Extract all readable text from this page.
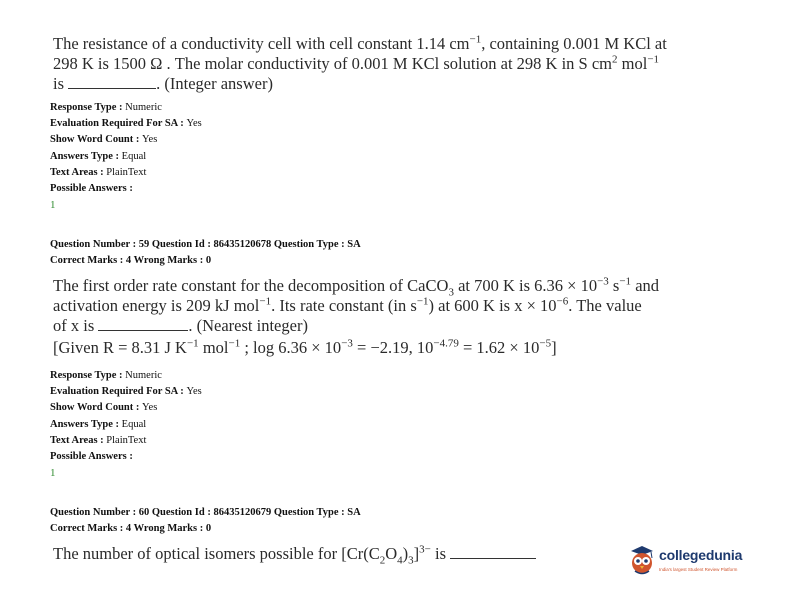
The resistance of a conductivity cell with cell constant 1.14 $cm^{-1}$, containing 0.001 M KCl at
298 K is 1500 Ω . The molar conductivity of 0.001 M KCl solution at 298 K in S $cm^2$ mol$^{-1}$
is	. (Integer answer)
Response Type : Numeric
Evaluation Required For SA : Yes
Show Word Count : Yes
Answers Type : Equal
Text Areas : PlainText
Possible Answers :
1
Question Number : 59 Question Id : 86435120678 Question Type : SA
Correct Marks : 4 Wrong Marks : 0
The first order rate constant for the decomposition of CaCO$_3$ at 700 K is $6.36 \times 10^{-3}$ $s^{-1}$ and
activation energy is 209 kJ mol$^{-1}$. Its rate constant (in $s^{-1}$) at 600 K is $x \times 10^{-6}$. The value
of x is	. (Nearest integer)
[Given R = 8.31 J $K^{-1}$ mol$^{-1}$ ; $\log 6.36 \times 10^{-3} = -2.19$, $10^{-4.79} = 1.62 \times 10^{-5}$]
Response Type : Numeric
Evaluation Required For SA : Yes
Show Word Count : Yes
Answers Type : Equal
Text Areas : PlainText
Possible Answers :
1
Question Number : 60 Question Id : 86435120679 Question Type : SA
Correct Marks : 4 Wrong Marks : 0
The number of optical isomers possible for $[Cr(C_2O_4)_3]^{3-}$ is	collegedunia
India's largest Student Review Platform
